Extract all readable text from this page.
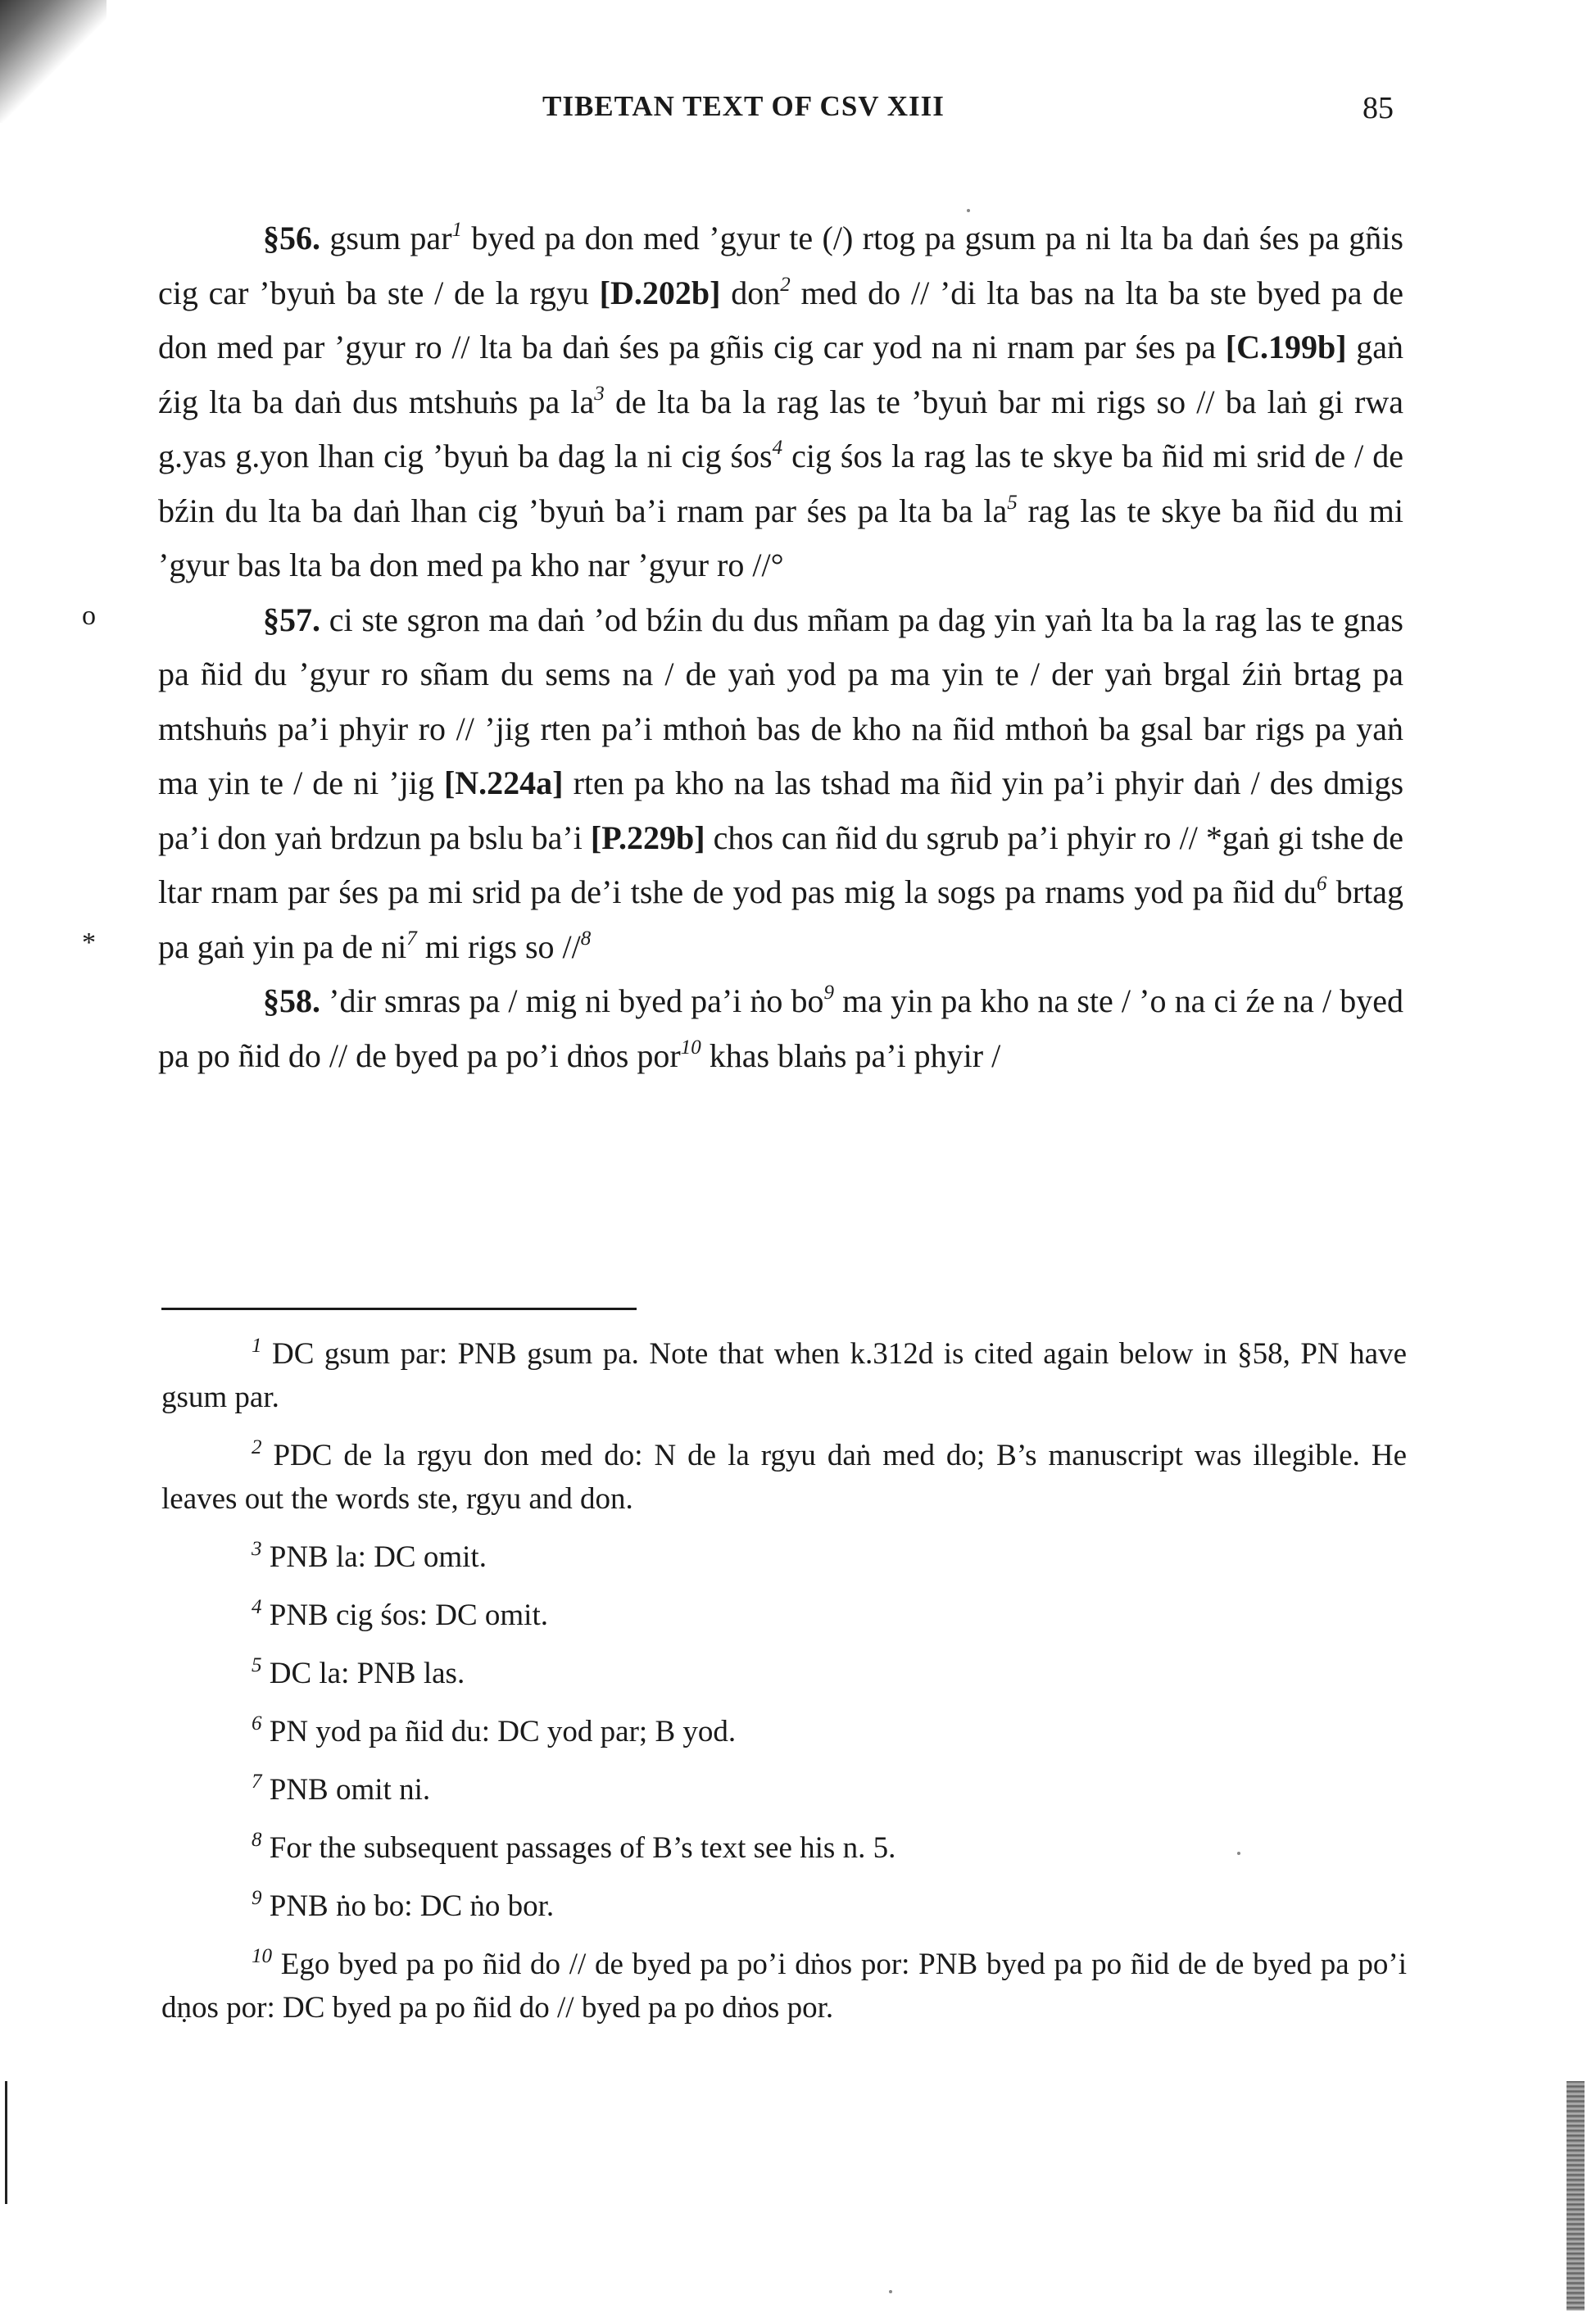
TIBETAN TEXT OF CSV XIII	85
o
*

§56. gsum par$^1$ byed pa don med ’gyur te (/) rtog pa gsum pa ni lta ba daṅ śes pa gñis cig car ’byuṅ ba ste / de la rgyu [D.202b] don$^2$ med do // ’di lta bas na lta ba ste byed pa de don med par ’gyur ro // lta ba daṅ śes pa gñis cig car yod na ni rnam par śes pa [C.199b] gaṅ źig lta ba daṅ dus mtshuṅs pa $la^3$ de lta ba la rag las te ’byuṅ bar mi rigs so // ba laṅ gi rwa g.yas g.yon lhan cig ’byuṅ ba dag la ni cig śos$^4$ cig śos la rag las te skye ba ñid mi srid de / de bźin du lta ba daṅ lhan cig ’byuṅ ba’i rnam par śes pa lta ba $la^5$ rag las te skye ba ñid du mi ’gyur bas lta ba don med pa kho nar ’gyur ro //°

§57. ci ste sgron ma daṅ ’od bźin du dus mñam pa dag yin yaṅ lta ba la rag las te gnas pa ñid du ’gyur ro sñam du sems na / de yaṅ yod pa ma yin te / der yaṅ brgal źiṅ brtag pa mtshuṅs pa’i phyir ro // ’jig rten pa’i mthoṅ bas de kho na ñid mthoṅ ba gsal bar rigs pa yaṅ ma yin te / de ni ’jig [N.224a] rten pa kho na las tshad ma ñid yin pa’i phyir daṅ / des dmigs pa’i don yaṅ brdzun pa bslu ba’i [P.229b] chos can ñid du sgrub pa’i phyir ro // *gaṅ gi tshe de ltar rnam par śes pa mi srid pa de’i tshe de yod pas mig la sogs pa rnams yod pa ñid $du^6$ brtag pa gaṅ yin pa de $ni^7$ mi rigs so //$^8$

§58. ’dir smras pa / mig ni byed pa’i ṅo $bo^9$ ma yin pa kho na ste / ’o na ci źe na / byed pa po ñid do // de byed pa po’i dṅos por$^{10}$ khas blaṅs pa’i phyir /

$^1$ DC gsum par: PNB gsum pa. Note that when k.312d is cited again below in §58, PN have gsum par.

$^2$ PDC de la rgyu don med do: N de la rgyu daṅ med do; B’s manuscript was illegible. He leaves out the words ste, rgyu and don.

$^3$ PNB la: DC omit.

$^4$ PNB cig śos: DC omit.

$^5$ DC la: PNB las.

$^6$ PN yod pa ñid du: DC yod par; B yod.

$^7$ PNB omit ni.

$^8$ For the subsequent passages of B’s text see his n. 5.

$^9$ PNB ṅo bo: DC ṅo bor.

$^{10}$ Ego byed pa po ñid do // de byed pa po’i dṅos por: PNB byed pa po ñid de de byed pa po’i dṇos por: DC byed pa po ñid do // byed pa po dṅos por.
